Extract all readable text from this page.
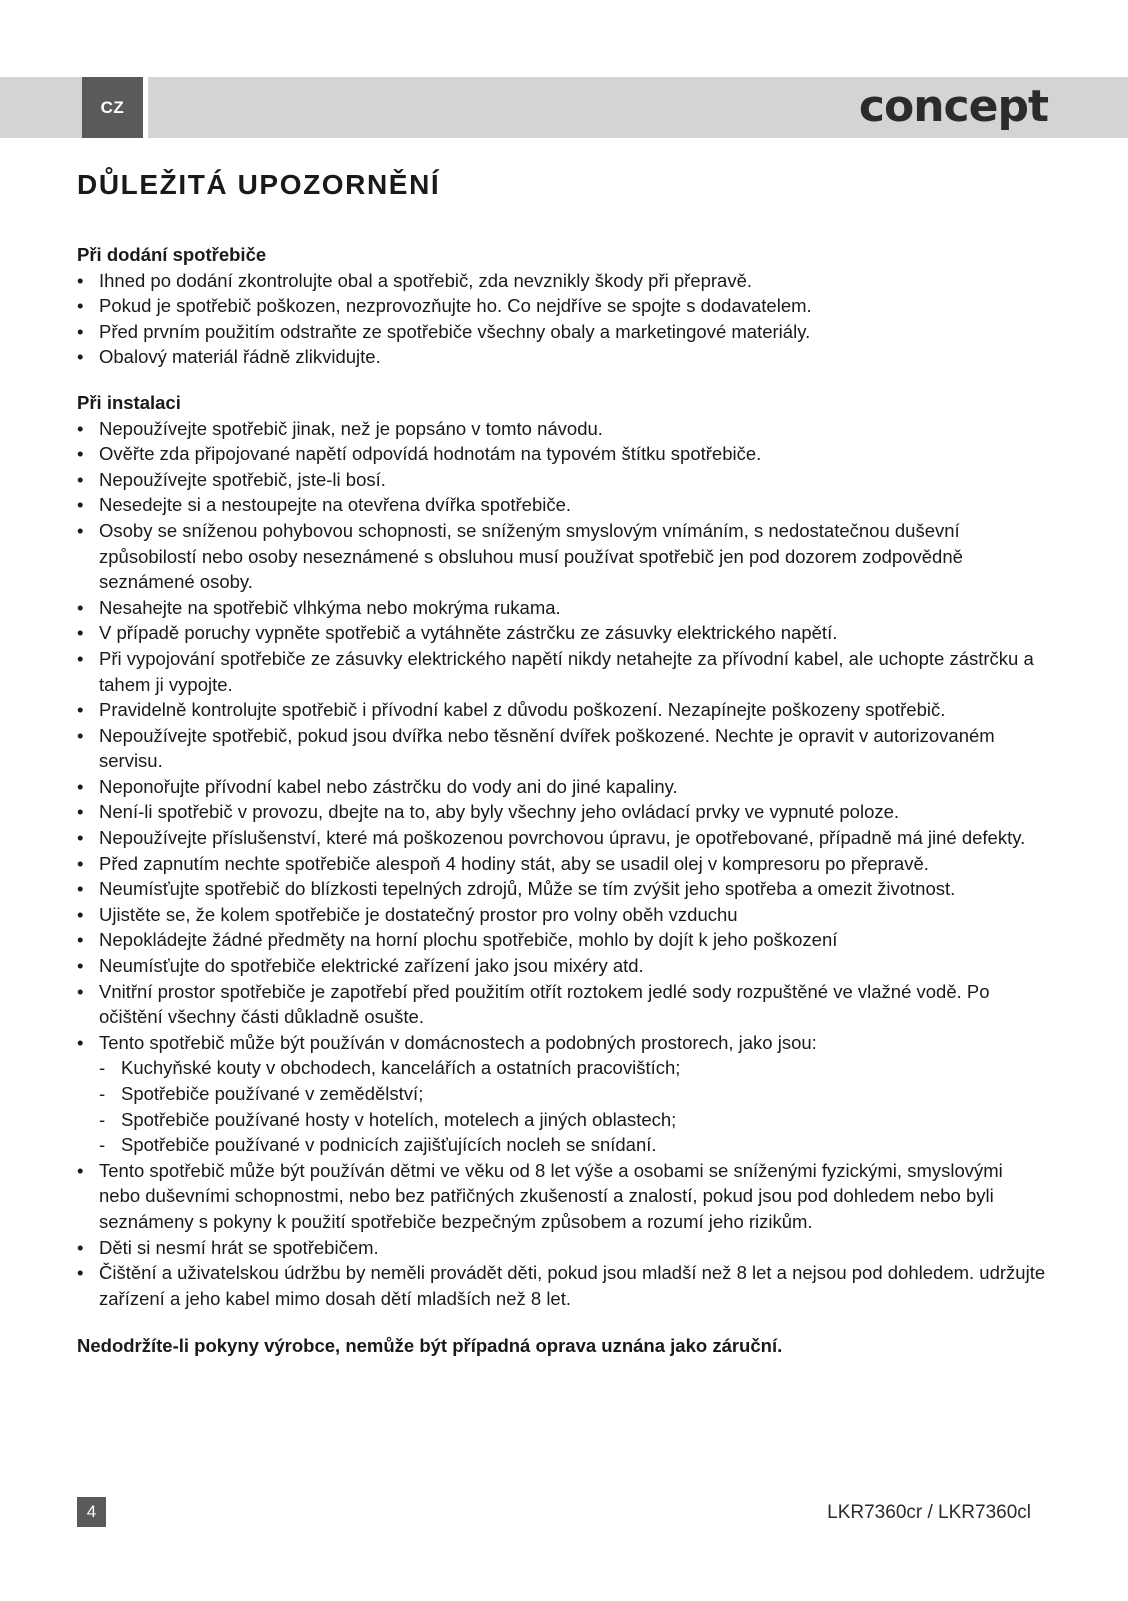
CZ	concept
DŮLEŽITÁ UPOZORNĚNÍ

Při dodání spotřebiče

• Ihned po dodání zkontrolujte obal a spotřebič, zda nevznikly škody při přepravě.
• Pokud je spotřebič poškozen, nezprovozňujte ho. Co nejdříve se spojte s dodavatelem.
• Před prvním použitím odstraňte ze spotřebiče všechny obaly a marketingové materiály.
• Obalový materiál řádně zlikvidujte.

Při instalaci

• Nepoužívejte spotřebič jinak, než je popsáno v tomto návodu.
• Ověřte zda připojované napětí odpovídá hodnotám na typovém štítku spotřebiče.
• Nepoužívejte spotřebič, jste-li bosí.
• Nesedejte si a nestoupejte na otevřena dvířka spotřebiče.
• Osoby se sníženou pohybovou schopnosti, se sníženým smyslovým vnímáním, s nedostatečnou duševní způsobilostí nebo osoby neseznámené s obsluhou musí používat spotřebič jen pod dozorem zodpovědně seznámené osoby.
• Nesahejte na spotřebič vlhkýma nebo mokrýma rukama.
• V případě poruchy vypněte spotřebič a vytáhněte zástrčku ze zásuvky elektrického napětí.
• Při vypojování spotřebiče ze zásuvky elektrického napětí nikdy netahejte za přívodní kabel, ale uchopte zástrčku a tahem ji vypojte.
• Pravidelně kontrolujte spotřebič i přívodní kabel z důvodu poškození. Nezapínejte poškozeny spotřebič.
• Nepoužívejte spotřebič, pokud jsou dvířka nebo těsnění dvířek poškozené. Nechte je opravit v autorizovaném servisu.
• Neponořujte přívodní kabel nebo zástrčku do vody ani do jiné kapaliny.
• Není-li spotřebič v provozu, dbejte na to, aby byly všechny jeho ovládací prvky ve vypnuté poloze.
• Nepoužívejte příslušenství, které má poškozenou povrchovou úpravu, je opotřebované, případně má jiné defekty.
• Před zapnutím nechte spotřebiče alespoň 4 hodiny stát, aby se usadil olej v kompresoru po přepravě.
• Neumísťujte spotřebič do blízkosti tepelných zdrojů, Může se tím zvýšit jeho spotřeba a omezit životnost.
• Ujistěte se, že kolem spotřebiče je dostatečný prostor pro volny oběh vzduchu
• Nepokládejte žádné předměty na horní plochu spotřebiče, mohlo by dojít k jeho poškození
• Neumísťujte do spotřebiče elektrické zařízení jako jsou mixéry atd.
• Vnitřní prostor spotřebiče je zapotřebí před použitím otřít roztokem jedlé sody rozpuštěné ve vlažné vodě. Po očištění všechny části důkladně osušte.
• Tento spotřebič může být používán v domácnostech a podobných prostorech, jako jsou:
- Kuchyňské kouty v obchodech, kancelářích a ostatních pracovištích;
- Spotřebiče používané v zemědělství;
- Spotřebiče používané hosty v hotelích, motelech a jiných oblastech;
- Spotřebiče používané v podnicích zajišťujících nocleh se snídaní.
• Tento spotřebič může být používán dětmi ve věku od 8 let výše a osobami se sníženými fyzickými, smyslovými nebo duševními schopnostmi, nebo bez patřičných zkušeností a znalostí, pokud jsou pod dohledem nebo byli seznámeny s pokyny k použití spotřebiče bezpečným způsobem a rozumí jeho rizikům.
• Děti si nesmí hrát se spotřebičem.
• Čištění a uživatelskou údržbu by neměli provádět děti, pokud jsou mladší než 8 let a nejsou pod dohledem. udržujte zařízení a jeho kabel mimo dosah dětí mladších než 8 let.

Nedodržíte-li pokyny výrobce, nemůže být případná oprava uznána jako záruční.

4	LKR7360cr / LKR7360cl
